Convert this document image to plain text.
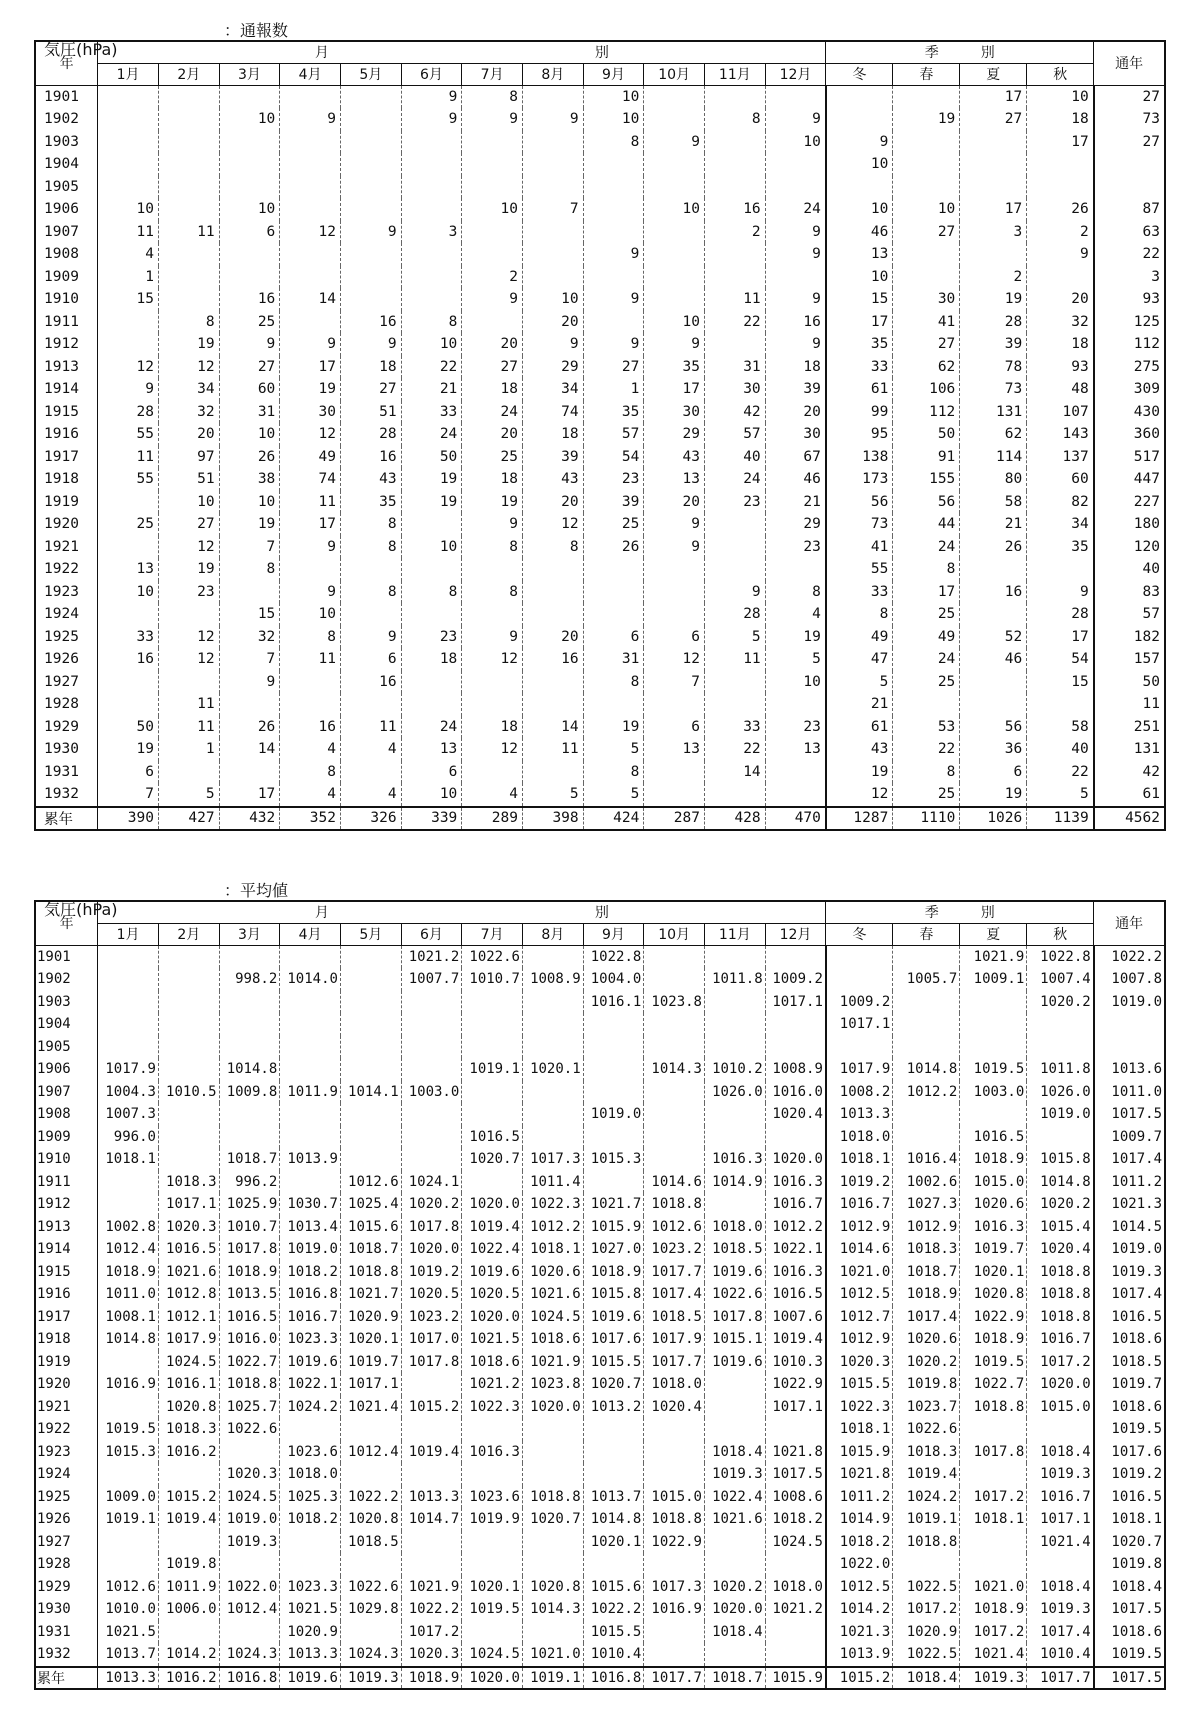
気圧(hPa)

：通報数

年	月　　　　　　　　　　　　　　　　　　　別												季　　　別				通年
	1月	2月	3月	4月	5月	6月	7月	8月	9月	10月	11月	12月	冬	春	夏	秋	
1901						9	8		10						17	10	27
1902			10	9		9	9	9	10		8	9		19	27	18	73
1903									8	9		10	9			17	27
1904													10				
1905																	
1906	10		10				10	7		10	16	24	10	10	17	26	87
1907	11	11	6	12	9	3					2	9	46	27	3	2	63
1908	4								9			9	13			9	22
1909	1						2						10		2		3
1910	15		16	14			9	10	9		11	9	15	30	19	20	93
1911		8	25		16	8		20		10	22	16	17	41	28	32	125
1912		19	9	9	9	10	20	9	9	9		9	35	27	39	18	112
1913	12	12	27	17	18	22	27	29	27	35	31	18	33	62	78	93	275
1914	9	34	60	19	27	21	18	34	1	17	30	39	61	106	73	48	309
1915	28	32	31	30	51	33	24	74	35	30	42	20	99	112	131	107	430
1916	55	20	10	12	28	24	20	18	57	29	57	30	95	50	62	143	360
1917	11	97	26	49	16	50	25	39	54	43	40	67	138	91	114	137	517
1918	55	51	38	74	43	19	18	43	23	13	24	46	173	155	80	60	447
1919		10	10	11	35	19	19	20	39	20	23	21	56	56	58	82	227
1920	25	27	19	17	8		9	12	25	9		29	73	44	21	34	180
1921		12	7	9	8	10	8	8	26	9		23	41	24	26	35	120
1922	13	19	8										55	8			40
1923	10	23		9	8	8	8				9	8	33	17	16	9	83
1924			15	10							28	4	8	25		28	57
1925	33	12	32	8	9	23	9	20	6	6	5	19	49	49	52	17	182
1926	16	12	7	11	6	18	12	16	31	12	11	5	47	24	46	54	157
1927			9		16				8	7		10	5	25		15	50
1928		11											21				11
1929	50	11	26	16	11	24	18	14	19	6	33	23	61	53	56	58	251
1930	19	1	14	4	4	13	12	11	5	13	22	13	43	22	36	40	131
1931	6			8		6			8		14		19	8	6	22	42
1932	7	5	17	4	4	10	4	5	5				12	25	19	5	61
累年	390	427	432	352	326	339	289	398	424	287	428	470	1287	1110	1026	1139	4562

気圧(hPa)

：平均値

年	月　　　　　　　　　　　　　　　　　　　別												季　　　別				通年
	1月	2月	3月	4月	5月	6月	7月	8月	9月	10月	11月	12月	冬	春	夏	秋	
1901						1021.2	1022.6		1022.8						1021.9	1022.8	1022.2
1902			998.2	1014.0		1007.7	1010.7	1008.9	1004.0		1011.8	1009.2		1005.7	1009.1	1007.4	1007.8
1903									1016.1	1023.8		1017.1	1009.2			1020.2	1019.0
1904													1017.1				
1905																	
1906	1017.9		1014.8				1019.1	1020.1		1014.3	1010.2	1008.9	1017.9	1014.8	1019.5	1011.8	1013.6
1907	1004.3	1010.5	1009.8	1011.9	1014.1	1003.0					1026.0	1016.0	1008.2	1012.2	1003.0	1026.0	1011.0
1908	1007.3								1019.0			1020.4	1013.3			1019.0	1017.5
1909	996.0						1016.5						1018.0		1016.5		1009.7
1910	1018.1		1018.7	1013.9			1020.7	1017.3	1015.3		1016.3	1020.0	1018.1	1016.4	1018.9	1015.8	1017.4
1911		1018.3	996.2		1012.6	1024.1		1011.4		1014.6	1014.9	1016.3	1019.2	1002.6	1015.0	1014.8	1011.2
1912		1017.1	1025.9	1030.7	1025.4	1020.2	1020.0	1022.3	1021.7	1018.8		1016.7	1016.7	1027.3	1020.6	1020.2	1021.3
1913	1002.8	1020.3	1010.7	1013.4	1015.6	1017.8	1019.4	1012.2	1015.9	1012.6	1018.0	1012.2	1012.9	1012.9	1016.3	1015.4	1014.5
1914	1012.4	1016.5	1017.8	1019.0	1018.7	1020.0	1022.4	1018.1	1027.0	1023.2	1018.5	1022.1	1014.6	1018.3	1019.7	1020.4	1019.0
1915	1018.9	1021.6	1018.9	1018.2	1018.8	1019.2	1019.6	1020.6	1018.9	1017.7	1019.6	1016.3	1021.0	1018.7	1020.1	1018.8	1019.3
1916	1011.0	1012.8	1013.5	1016.8	1021.7	1020.5	1020.5	1021.6	1015.8	1017.4	1022.6	1016.5	1012.5	1018.9	1020.8	1018.8	1017.4
1917	1008.1	1012.1	1016.5	1016.7	1020.9	1023.2	1020.0	1024.5	1019.6	1018.5	1017.8	1007.6	1012.7	1017.4	1022.9	1018.8	1016.5
1918	1014.8	1017.9	1016.0	1023.3	1020.1	1017.0	1021.5	1018.6	1017.6	1017.9	1015.1	1019.4	1012.9	1020.6	1018.9	1016.7	1018.6
1919		1024.5	1022.7	1019.6	1019.7	1017.8	1018.6	1021.9	1015.5	1017.7	1019.6	1010.3	1020.3	1020.2	1019.5	1017.2	1018.5
1920	1016.9	1016.1	1018.8	1022.1	1017.1		1021.2	1023.8	1020.7	1018.0		1022.9	1015.5	1019.8	1022.7	1020.0	1019.7
1921		1020.8	1025.7	1024.2	1021.4	1015.2	1022.3	1020.0	1013.2	1020.4		1017.1	1022.3	1023.7	1018.8	1015.0	1018.6
1922	1019.5	1018.3	1022.6										1018.1	1022.6			1019.5
1923	1015.3	1016.2		1023.6	1012.4	1019.4	1016.3				1018.4	1021.8	1015.9	1018.3	1017.8	1018.4	1017.6
1924			1020.3	1018.0							1019.3	1017.5	1021.8	1019.4		1019.3	1019.2
1925	1009.0	1015.2	1024.5	1025.3	1022.2	1013.3	1023.6	1018.8	1013.7	1015.0	1022.4	1008.6	1011.2	1024.2	1017.2	1016.7	1016.5
1926	1019.1	1019.4	1019.0	1018.2	1020.8	1014.7	1019.9	1020.7	1014.8	1018.8	1021.6	1018.2	1014.9	1019.1	1018.1	1017.1	1018.1
1927			1019.3		1018.5				1020.1	1022.9		1024.5	1018.2	1018.8		1021.4	1020.7
1928		1019.8											1022.0				1019.8
1929	1012.6	1011.9	1022.0	1023.3	1022.6	1021.9	1020.1	1020.8	1015.6	1017.3	1020.2	1018.0	1012.5	1022.5	1021.0	1018.4	1018.4
1930	1010.0	1006.0	1012.4	1021.5	1029.8	1022.2	1019.5	1014.3	1022.2	1016.9	1020.0	1021.2	1014.2	1017.2	1018.9	1019.3	1017.5
1931	1021.5			1020.9		1017.2			1015.5		1018.4		1021.3	1020.9	1017.2	1017.4	1018.6
1932	1013.7	1014.2	1024.3	1013.3	1024.3	1020.3	1024.5	1021.0	1010.4				1013.9	1022.5	1021.4	1010.4	1019.5
累年	1013.3	1016.2	1016.8	1019.6	1019.3	1018.9	1020.0	1019.1	1016.8	1017.7	1018.7	1015.9	1015.2	1018.4	1019.3	1017.7	1017.5
